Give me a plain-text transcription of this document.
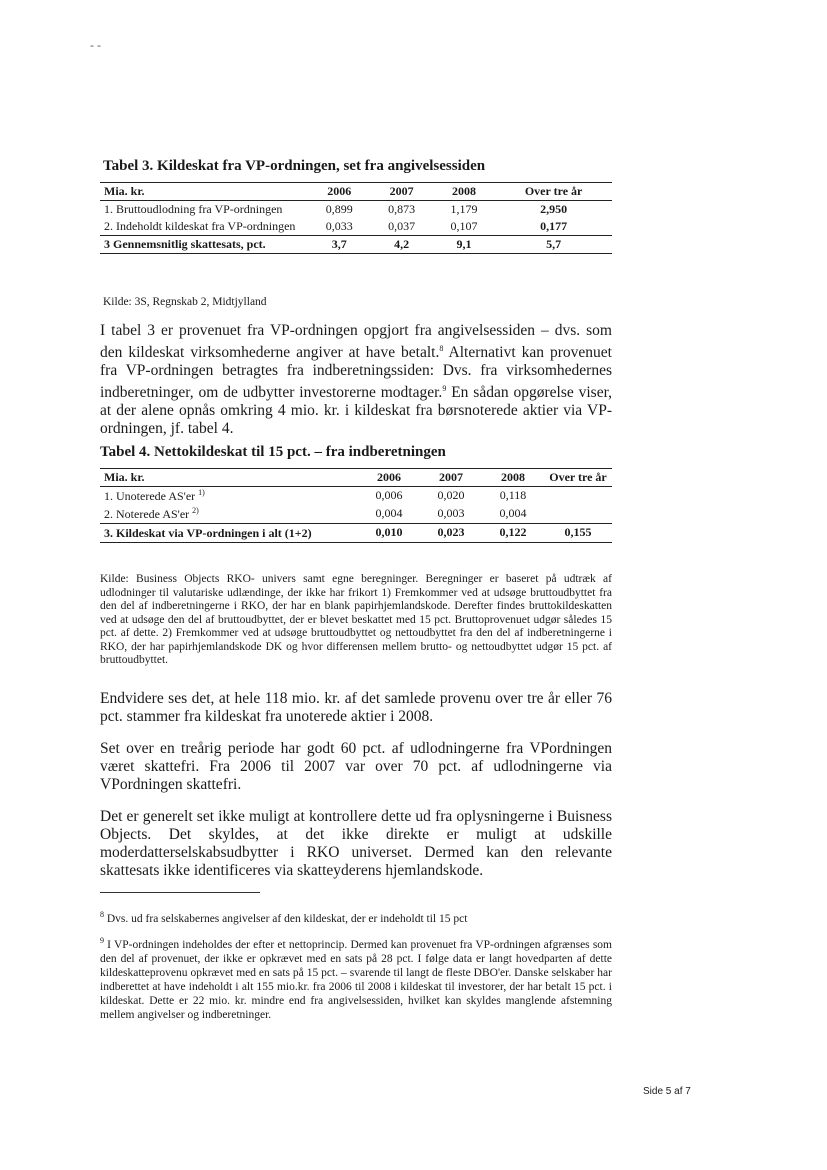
- -
Tabel 3. Kildeskat fra VP-ordningen, set fra angivelsessiden
Mia. kr.	2006	2007	2008	Over tre år
1. Bruttoudlodning fra VP-ordningen	0,899	0,873	1,179	2,950
2. Indeholdt kildeskat fra VP-ordningen	0,033	0,037	0,107	0,177
3 Gennemsnitlig skattesats, pct.	3,7	4,2	9,1	5,7
Kilde: 3S, Regnskab 2, Midtjylland
I tabel 3 er provenuet fra VP-ordningen opgjort fra angivelsessiden – dvs. som den kildeskat virksomhederne angiver at have betalt.$^8$ Alternativt kan provenuet fra VP-ordningen betragtes fra indberetningssiden: Dvs. fra virksomhedernes indberetninger, om de udbytter investorerne modtager.$^9$ En sådan opgørelse viser, at der alene opnås omkring 4 mio. kr. i kildeskat fra børsnoterede aktier via VP-ordningen, jf. tabel 4.
Tabel 4. Nettokildeskat til 15 pct. – fra indberetningen
Mia. kr.	2006	2007	2008	Over tre år
1. Unoterede AS'er $^{1)}$	0,006	0,020	0,118	
2. Noterede AS'er $^{2)}$	0,004	0,003	0,004	
3. Kildeskat via VP-ordningen i alt (1+2)	0,010	0,023	0,122	0,155
Kilde: Business Objects RKO- univers samt egne beregninger. Beregninger er baseret på udtræk af udlodninger til valutariske udlændinge, der ikke har frikort 1) Fremkommer ved at udsøge bruttoudbyttet fra den del af indberetningerne i RKO, der har en blank papirhjemlandskode. Derefter findes bruttokildeskatten ved at udsøge den del af bruttoudbyttet, der er blevet beskattet med 15 pct. Bruttoprovenuet udgør således 15 pct. af dette. 2) Fremkommer ved at udsøge bruttoudbyttet og nettoudbyttet fra den del af indberetningerne i RKO, der har papirhjemlandskode DK og hvor differensen mellem brutto- og nettoudbyttet udgør 15 pct. af bruttoudbyttet.
Endvidere ses det, at hele 118 mio. kr. af det samlede provenu over tre år eller 76 pct. stammer fra kildeskat fra unoterede aktier i 2008.
Set over en treårig periode har godt 60 pct. af udlodningerne fra VPordningen været skattefri. Fra 2006 til 2007 var over 70 pct. af udlodningerne via VPordningen skattefri.
Det er generelt set ikke muligt at kontrollere dette ud fra oplysningerne i Buisness Objects. Det skyldes, at det ikke direkte er muligt at udskille moderdatterselskabsudbytter i RKO universet. Dermed kan den relevante skattesats ikke identificeres via skatteyderens hjemlandskode.
$^8$ Dvs. ud fra selskabernes angivelser af den kildeskat, der er indeholdt til 15 pct
$^9$ I VP-ordningen indeholdes der efter et nettoprincip. Dermed kan provenuet fra VP-ordningen afgrænses som den del af provenuet, der ikke er opkrævet med en sats på 28 pct. I følge data er langt hovedparten af dette kildeskatteprovenu opkrævet med en sats på 15 pct. – svarende til langt de fleste DBO'er. Danske selskaber har indberettet at have indeholdt i alt 155 mio.kr. fra 2006 til 2008 i kildeskat til investorer, der har betalt 15 pct. i kildeskat. Dette er 22 mio. kr. mindre end fra angivelsessiden, hvilket kan skyldes manglende afstemning mellem angivelser og indberetninger.
Side 5 af 7
